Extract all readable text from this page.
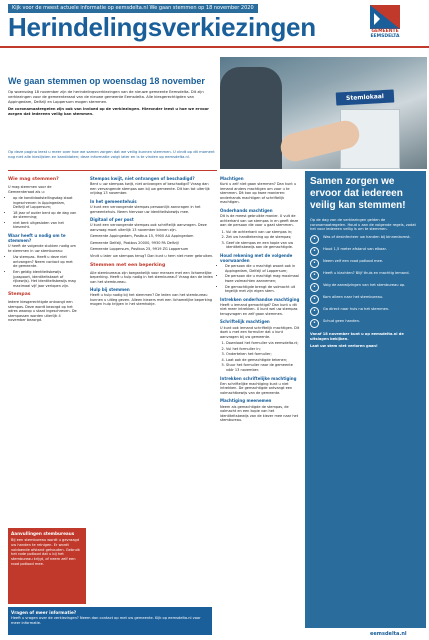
Kijk voor de meest actuele informatie op eemsdelta.nl We gaan stemmen op 18 november 2020
Herindelingsverkiezingen	GEMEENTE
EEMSDELTA
Stemlokaal
We gaan stemmen op woensdag 18 november

Op woensdag 18 november zijn de herindelingsverkiezingen van de nieuwe gemeente Eemsdelta. Dit zijn verkiezingen voor de gemeenteraad van de nieuwe gemeente Eemsdelta. Alle kiesgerechtigden van Appingedam, Delfzijl en Loppersum mogen stemmen.

De coronamaatregelen zijn ook van invloed op de verkiezingen. Hieronder leest u hoe we ervoor zorgen dat iedereen veilig kan stemmen.

Op deze pagina leest u meer over hoe we samen zorgen dat we veilig kunnen stemmen. U vindt op dit moment nog niet alle kieslijsten en kandidaten; deze informatie volgt later en is te vinden op eemsdelta.nl.
Wie mag stemmen?

U mag stemmen voor de Gemeenteraad als u:

• op de kandidaatstellingsdag staat ingeschreven in Appingedam, Delfzijl of Loppersum;
• 18 jaar of ouder bent op de dag van de stemming;
• niet bent uitgesloten van het kiesrecht.
Waar heeft u nodig om te stemmen?

U heeft de volgende stukken nodig om te stemmen in uw stembureau:

• Uw stempas. Heeft u deze niet ontvangen? Neem contact op met de gemeente.
• Een geldig identiteitsbewijs (paspoort, identiteitskaart of rijbewijs). Het identiteitsbewijs mag maximaal vijf jaar verlopen zijn.
Stempas

Iedere kiesgerechtigde ontvangt een stempas. Deze wordt bezorgd op het adres waarop u staat ingeschreven. De stempassen worden uiterlijk 4 november bezorgd.

Aanvullingen stembureaus

Bij een stembureau wordt u gevraagd uw handen te reinigen. Er wordt voldoende afstand gehouden. Gebruik het rode potlood dat u bij het stembureau krijgt, of neem zelf een rood potlood mee.

Stempas kwijt, niet ontvangen of beschadigd?

Bent u uw stempas kwijt, niet ontvangen of beschadigd? Vraag dan een vervangende stempas aan bij uw gemeente. Dit kan tot uiterlijk vrijdag 13 november.

In het gemeentehuis

U kunt een vervangende stempas persoonlijk aanvragen in het gemeentehuis. Neem hiervoor uw identiteitsbewijs mee.

Digitaal of per post

U kunt een vervangende stempas ook schriftelijk aanvragen. Deze aanvraag moet uiterlijk 13 november binnen zijn.

Gemeente Appingedam, Postbus 15, 9900 AA Appingedam

Gemeente Delfzijl, Postbus 20000, 9930 PA Delfzijl

Gemeente Loppersum, Postbus 25, 9919 ZG Loppersum

Vindt u later uw stempas terug? Dan kunt u hem niet meer gebruiken.

Stemmen met een beperking

Alle stembureaus zijn toegankelijk voor mensen met een lichamelijke beperking. Heeft u hulp nodig in het stembureau? Vraag dan de leden van het stembureau.

Hulp bij stemmen

Heeft u hulp nodig bij het stemmen? De leden van het stembureau kunnen u uitleg geven. Alleen kiezers met een lichamelijke beperking mogen hulp krijgen in het stemhokje.

Vragen of meer informatie?

Heeft u vragen over de verkiezingen? Neem dan contact op met uw gemeente. Kijk op eemsdelta.nl voor meer informatie.

Machtigen

Kunt u zelf niet gaan stemmen? Dan kunt u iemand anders machtigen om voor u te stemmen. Dit kan op twee manieren: onderhands machtigen of schriftelijk machtigen.

Onderhands machtigen

Dit is de meest gebruikte manier. U vult de achterkant van uw stempas in en geeft deze aan de persoon die voor u gaat stemmen.

1. Vul de achterkant van uw stempas in;
2. Zet uw handtekening op de stempas;
3. Geef de stempas en een kopie van uw identiteitsbewijs aan de gemachtigde.
Houd rekening met de volgende voorwaarden
• De persoon die u machtigt woont ook in Appingedam, Delfzijl of Loppersum;
• De persoon die u machtigt mag maximaal twee volmachten aannemen;
• De gemachtigde brengt de volmacht uit tegelijk met zijn eigen stem.
Intrekken onderhandse machtiging

Heeft u iemand gemachtigd? Dan kunt u dit niet meer intrekken. U kunt wel uw stempas terugvragen en zelf gaan stemmen.

Schriftelijk machtigen

U kunt ook iemand schriftelijk machtigen. Dit doet u met een formulier dat u kunt aanvragen bij uw gemeente.

1. Download het formulier via eemsdelta.nl;
2. Vul het formulier in;
3. Onderteken het formulier;
4. Laat ook de gemachtigde tekenen;
5. Stuur het formulier naar de gemeente vóór 13 november.
Intrekken schriftelijke machtiging

Een schriftelijke machtiging kunt u niet intrekken. De gemachtigde ontvangt een volmachtbewijs van de gemeente.

Machtiging meenemen

Neem als gemachtigde de stempas, de volmacht en een kopie van het identiteitsbewijs van de kiezer mee naar het stembureau.

Samen zorgen we ervoor dat iedereen veilig kan stemmen!

Op de dag van de verkiezingen gelden de coronamaatregelen. Houd u aan de volgende regels, zodat het voor iedereen veilig is om te stemmen.

•	Was of desinfecteer uw handen bij binnenkomst.
•	Houd 1,5 meter afstand van elkaar.
•	Neem zelf een rood potlood mee.
•	Heeft u klachten? Blijf thuis en machtig iemand.
•	Volg de aanwijzingen van het stembureau op.
•	Kom alleen naar het stembureau.
•	Ga direct naar huis na het stemmen.
•	Schud geen handen.

Vanaf 18 november kunt u op eemsdelta.nl de uitslagen bekijken.

Laat uw stem niet verloren gaan!

eemsdelta.nl
